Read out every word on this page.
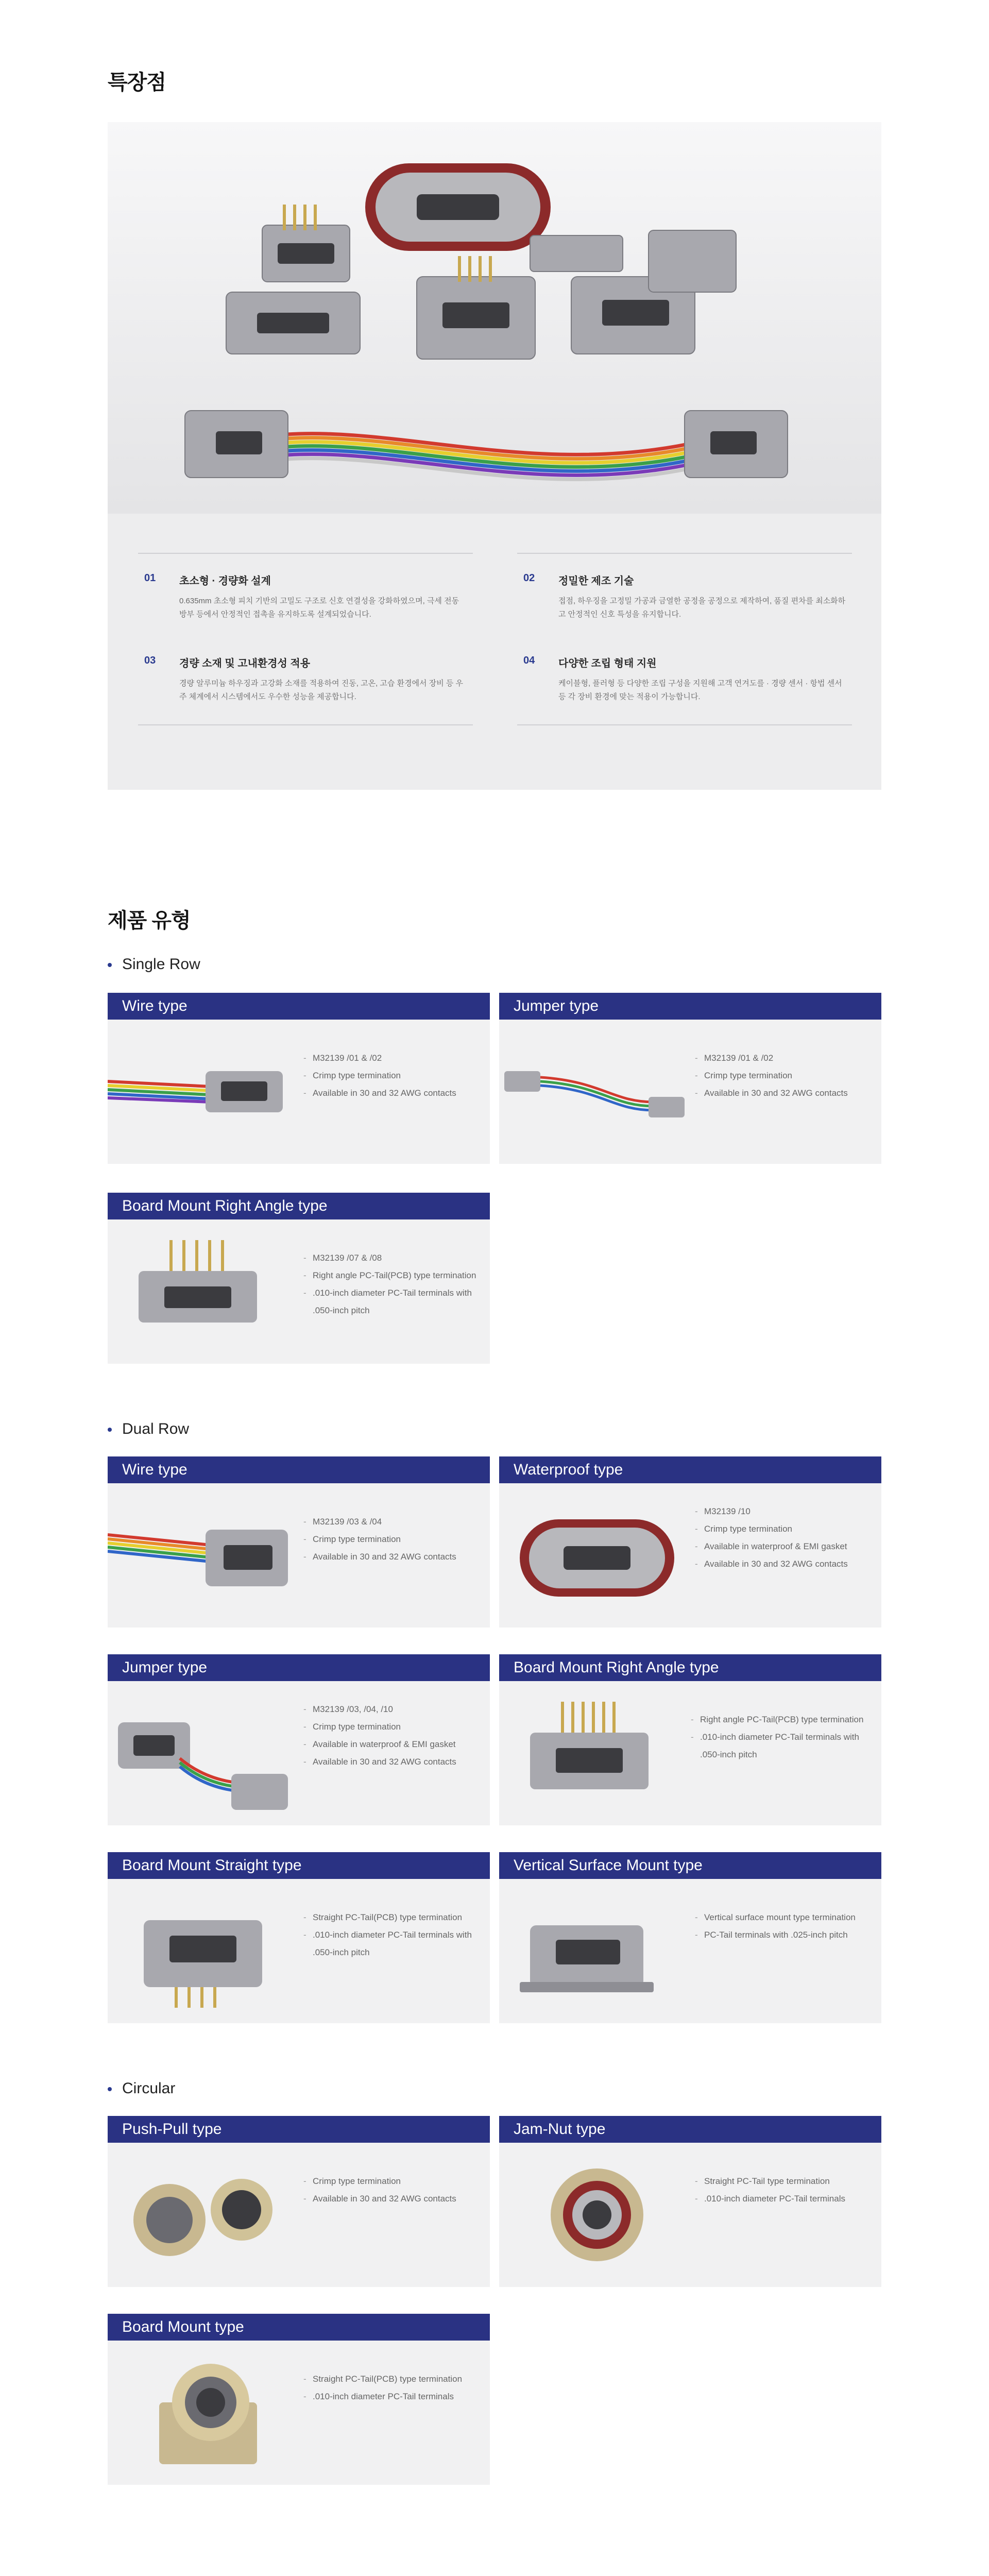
특장점
01 초소형 · 경량화 설계
0.635mm 초소형 피치 기반의 고밀도 구조로 신호 연결성을 강화하였으며, 극세 전동 방부 등에서 안정적인 접촉을 유지하도록 설계되었습니다.
02 정밀한 제조 기술
접점, 하우징을 고정밀 가공과 금열한 공정을 공정으로 제작하여, 품질 편차를 최소화하고 안정적인 신호 특성을 유지합니다.
03 경량 소재 및 고내환경성 적용
경량 알루미늄 하우징과 고강화 소재를 적용하여 진동, 고온, 고습 환경에서 장비 등 우주 체계에서 시스템에서도 우수한 성능을 제공합니다.
04 다양한 조립 형태 지원
케이블형, 플러형 등 다양한 조립 구성을 지원해 고객 연겨도를 · 경량 센서 · 항법 센서 등 각 장비 환경에 맞는 적용이 가능합니다.
제품 유형
Single Row
Wire type
- M32139 /01 & /02
- Crimp type termination
- Available in 30 and 32 AWG contacts
Jumper type
- M32139 /01 & /02
- Crimp type termination
- Available in 30 and 32 AWG contacts
Board Mount Right Angle type
- M32139 /07 & /08
- Right angle PC-Tail(PCB) type termination
- .010-inch diameter PC-Tail terminals with .050-inch pitch
Dual Row
Wire type
- M32139 /03 & /04
- Crimp type termination
- Available in 30 and 32 AWG contacts
Waterproof type
- M32139 /10
- Crimp type termination
- Available in waterproof & EMI gasket
- Available in 30 and 32 AWG contacts
Jumper type
- M32139 /03, /04, /10
- Crimp type termination
- Available in waterproof & EMI gasket
- Available in 30 and 32 AWG contacts
Board Mount Right Angle type
- Right angle PC-Tail(PCB) type termination
- .010-inch diameter PC-Tail terminals with .050-inch pitch
Board Mount Straight type
- Straight PC-Tail(PCB) type termination
- .010-inch diameter PC-Tail terminals with .050-inch pitch
Vertical Surface Mount type
- Vertical surface mount type termination
- PC-Tail terminals with .025-inch pitch
Circular
Push-Pull type
- Crimp type termination
- Available in 30 and 32 AWG contacts
Jam-Nut type
- Straight PC-Tail type termination
- .010-inch diameter PC-Tail terminals
Board Mount type
- Straight PC-Tail(PCB) type termination
- .010-inch diameter PC-Tail terminals
